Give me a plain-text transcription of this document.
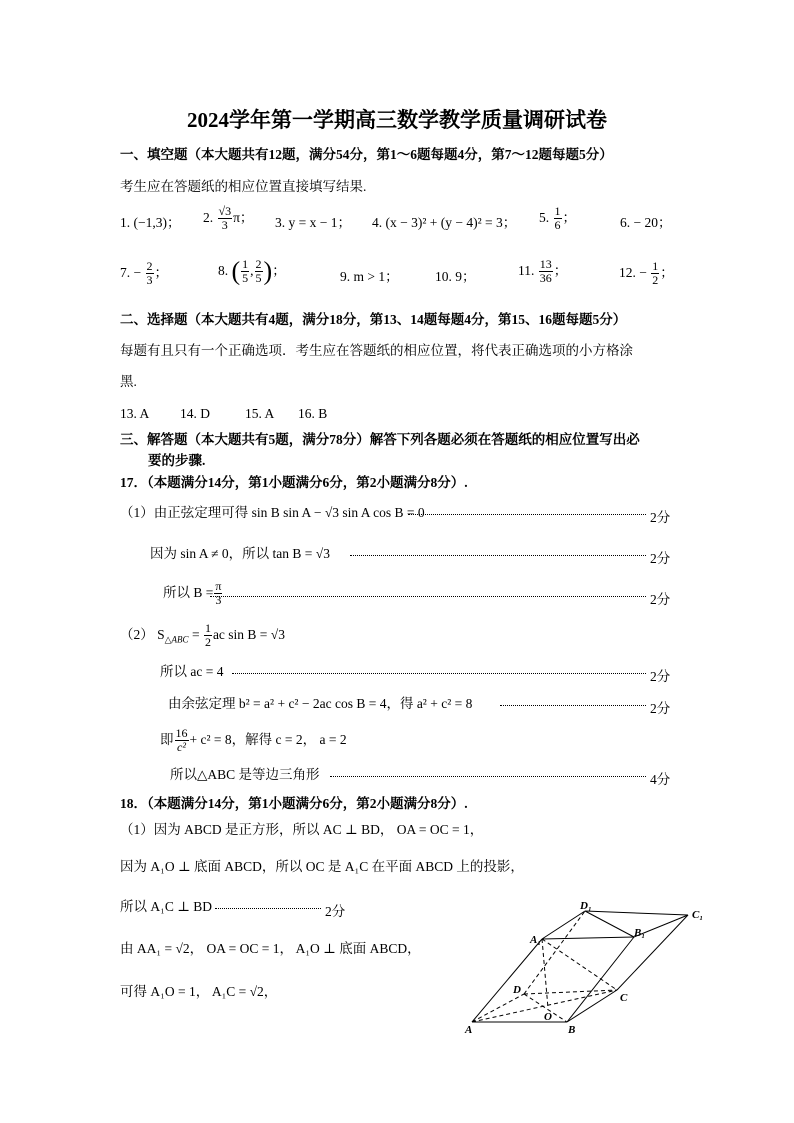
2024学年第一学期高三数学教学质量调研试卷
一、填空题（本大题共有12题，满分54分，第1～6题每题4分，第7～12题每题5分）
考生应在答题纸的相应位置直接填写结果.
1. (−1,3)； 2. $\frac{√3}{3}$ π； 3. y = x − 1； 4. (x − 3)² + (y − 4)² = 3； 5. $\frac{1}{6}$ ；	6. − 20；
7. − $\frac{2}{3}$ ；	8. ( $\frac{1}{5}$ , $\frac{2}{5}$ )；	9. m > 1；	10. 9；	11. $\frac{13}{36}$ ；	12. − $\frac{1}{2}$ ；
二、选择题（本大题共有4题，满分18分，第13、14题每题4分，第15、16题每题5分）
每题有且只有一个正确选项．考生应在答题纸的相应位置，将代表正确选项的小方格涂
黑.
13. A 14. D	15. A 16. B
三、解答题（本大题共有5题，满分78分）解答下列各题必须在答题纸的相应位置写出必
要的步骤.
17．（本题满分14分，第1小题满分6分，第2小题满分8分）.
（1）由正弦定理可得 sin B sin A − √3 sin A cos B = 0	2分
因为 sin A ≠ 0，所以 tan B = √3	2分
所以 $B = \frac{\pi}{3}$	2分
（2） $S_{\triangle ABC} = \frac{1}{2}$ ac sin B = √3
所以 ac = 4	2分
由余弦定理 b² = a² + c² − 2ac cos B = 4，得 a² + c² = 8	2分
即 $\frac{16}{\text{c²}} + c^2 = 8$，解得 c = 2， a = 2
所以△ABC 是等边三角形	4分
18．（本题满分14分，第1小题满分6分，第2小题满分8分）.
（1）因为 ABCD 是正方形，所以 AC ⊥ BD， OA = OC = 1，
因为 A₁O ⊥ 底面 ABCD，所以 OC 是 A₁C 在平面 ABCD 上的投影，
所以 A₁C ⊥ BD	2分
由 AA₁ = √2， OA = OC = 1， A₁O ⊥ 底面 ABCD，
可得 A₁O = 1， A₁C = √2，
D₁
C₁
A₁
B₁
D
O
C
A	B
